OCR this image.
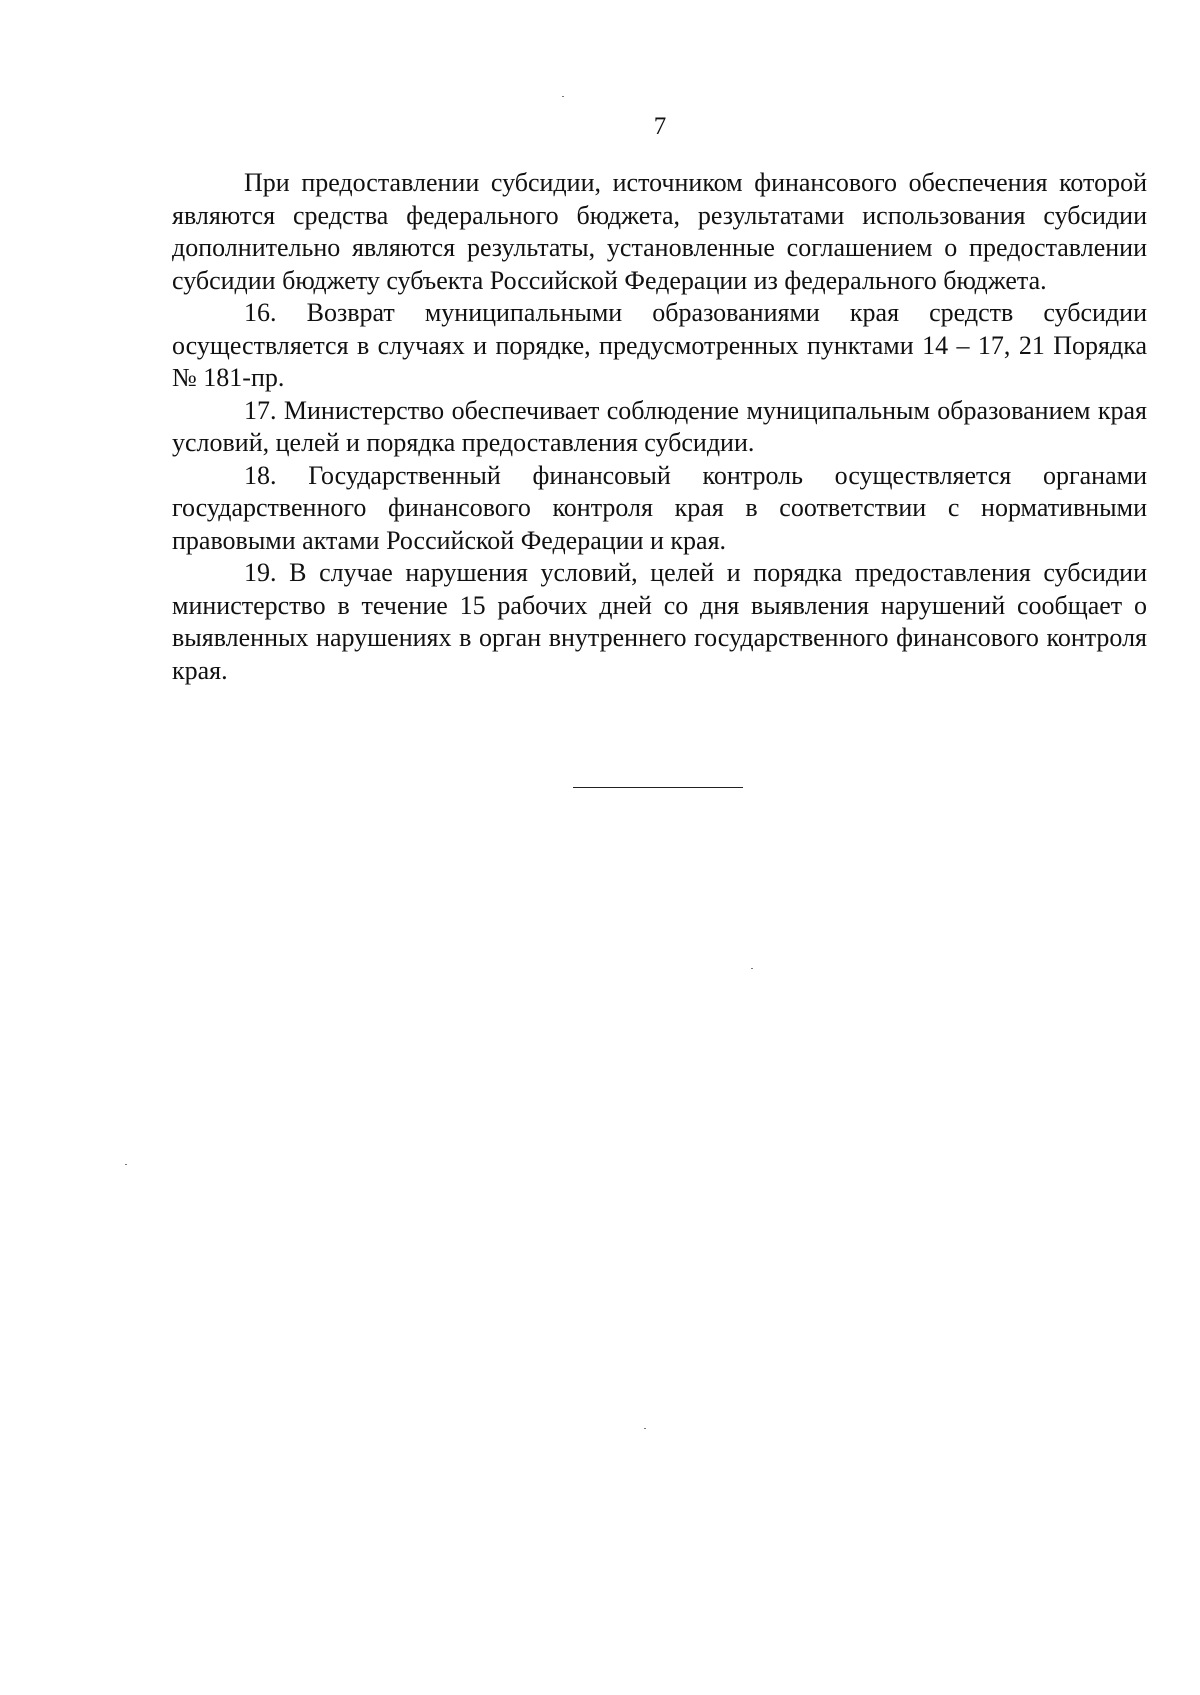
7

При предоставлении субсидии, источником финансового обеспечения которой являются средства федерального бюджета, результатами использования субсидии дополнительно являются результаты, установленные соглашением о предоставлении субсидии бюджету субъекта Российской Федерации из федерального бюджета.

16. Возврат муниципальными образованиями края средств субсидии осуществляется в случаях и порядке, предусмотренных пунктами 14 – 17, 21 Порядка № 181-пр.

17. Министерство обеспечивает соблюдение муниципальным образованием края условий, целей и порядка предоставления субсидии.

18. Государственный финансовый контроль осуществляется органами государственного финансового контроля края в соответствии с нормативными правовыми актами Российской Федерации и края.

19. В случае нарушения условий, целей и порядка предоставления субсидии министерство в течение 15 рабочих дней со дня выявления нарушений сообщает о выявленных нарушениях в орган внутреннего государственного финансового контроля края.
